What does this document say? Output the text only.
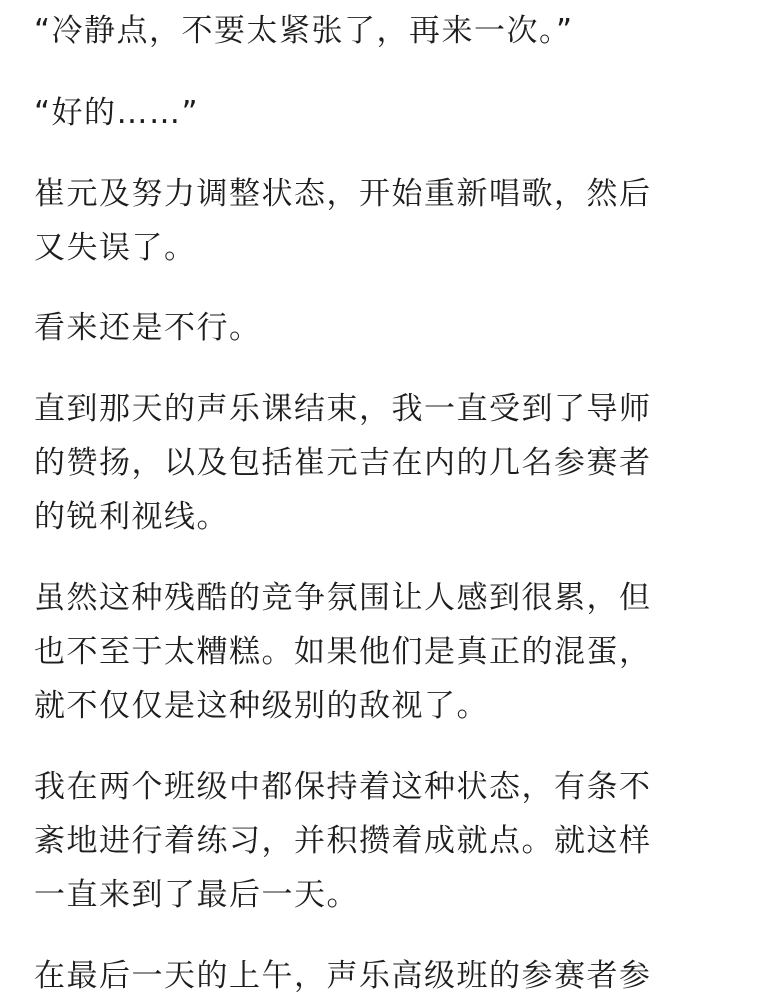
“冷静点，不要太紧张了，再来一次。”

“好的……”

崔元及努力调整状态，开始重新唱歌，然后
又失误了。

看来还是不行。

直到那天的声乐课结束，我一直受到了导师
的赞扬，以及包括崔元吉在内的几名参赛者
的锐利视线。

虽然这种残酷的竞争氛围让人感到很累，但
也不至于太糟糕。如果他们是真正的混蛋，
就不仅仅是这种级别的敌视了。

我在两个班级中都保持着这种状态，有条不
紊地进行着练习，并积攒着成就点。就这样
一直来到了最后一天。

在最后一天的上午，声乐高级班的参赛者参
